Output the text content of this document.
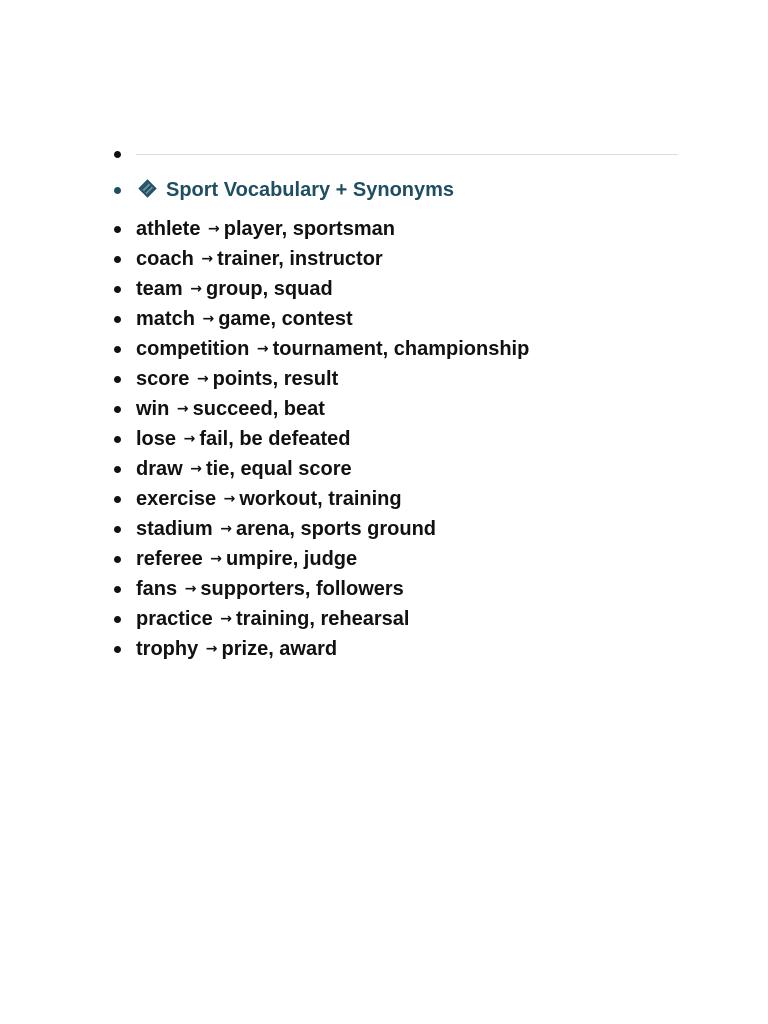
Sport Vocabulary + Synonyms
athlete → player, sportsman
coach → trainer, instructor
team → group, squad
match → game, contest
competition → tournament, championship
score → points, result
win → succeed, beat
lose → fail, be defeated
draw → tie, equal score
exercise → workout, training
stadium → arena, sports ground
referee → umpire, judge
fans → supporters, followers
practice → training, rehearsal
trophy → prize, award
